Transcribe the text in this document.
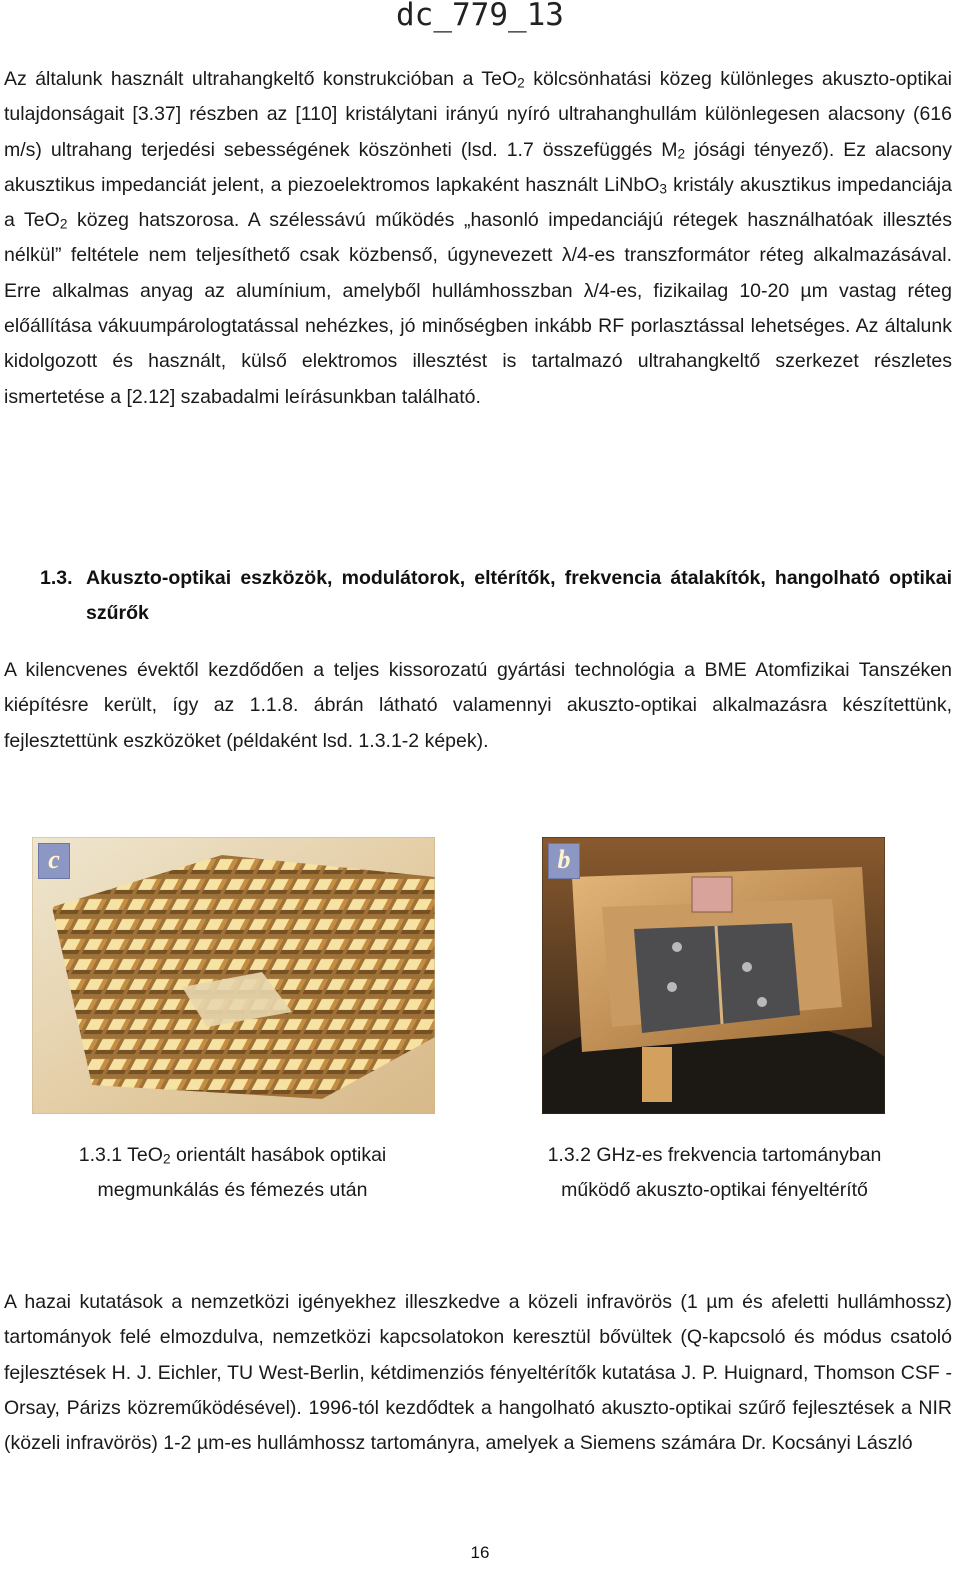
dc_779_13

Az általunk használt ultrahangkeltő konstrukcióban a TeO$_2$ kölcsönhatási közeg különleges akuszto-optikai tulajdonságait [3.37] részben az [110] kristálytani irányú nyíró ultrahanghullám különlegesen alacsony (616 m/s) ultrahang terjedési sebességének köszönheti (lsd. 1.7 összefüggés $M_2$ jósági tényező). Ez alacsony akusztikus impedanciát jelent, a piezoelektromos lapkaként használt LiNbO$_3$ kristály akusztikus impedanciája a TeO$_2$ közeg hatszorosa. A szélessávú működés „hasonló impedanciájú rétegek használhatóak illesztés nélkül” feltétele nem teljesíthető csak közbenső, úgynevezett λ/4-es transzformátor réteg alkalmazásával. Erre alkalmas anyag az alumínium, amelyből hullámhosszban λ/4-es, fizikailag 10-20 µm vastag réteg előállítása vákuumpárologtatással nehézkes, jó minőségben inkább RF porlasztással lehetséges. Az általunk kidolgozott és használt, külső elektromos illesztést is tartalmazó ultrahangkeltő szerkezet részletes ismertetése a [2.12] szabadalmi leírásunkban található.

1.3. Akuszto-optikai eszközök, modulátorok, eltérítők, frekvencia átalakítók, hangolható optikai szűrők

A kilencvenes évektől kezdődően a teljes kissorozatú gyártási technológia a BME Atomfizikai Tanszéken kiépítésre került, így az 1.1.8. ábrán látható valamennyi akuszto-optikai alkalmazásra készítettünk, fejlesztettünk eszközöket (példaként lsd. 1.3.1-2 képek).

c	b
1.3.1 TeO$_2$ orientált hasábok optikai megmunkálás és fémezés után
1.3.2 GHz-es frekvencia tartományban működő akuszto-optikai fényeltérítő

A hazai kutatások a nemzetközi igényekhez illeszkedve a közeli infravörös (1 µm és afeletti hullámhossz) tartományok felé elmozdulva, nemzetközi kapcsolatokon keresztül bővültek (Q-kapcsoló és módus csatoló fejlesztések H. J. Eichler, TU West-Berlin, kétdimenziós fényeltérítők kutatása J. P. Huignard, Thomson CSF - Orsay, Párizs közreműködésével). 1996-tól kezdődtek a hangolható akuszto-optikai szűrő fejlesztések a NIR (közeli infravörös) 1-2 µm-es hullámhossz tartományra, amelyek a Siemens számára Dr. Kocsányi László

16
